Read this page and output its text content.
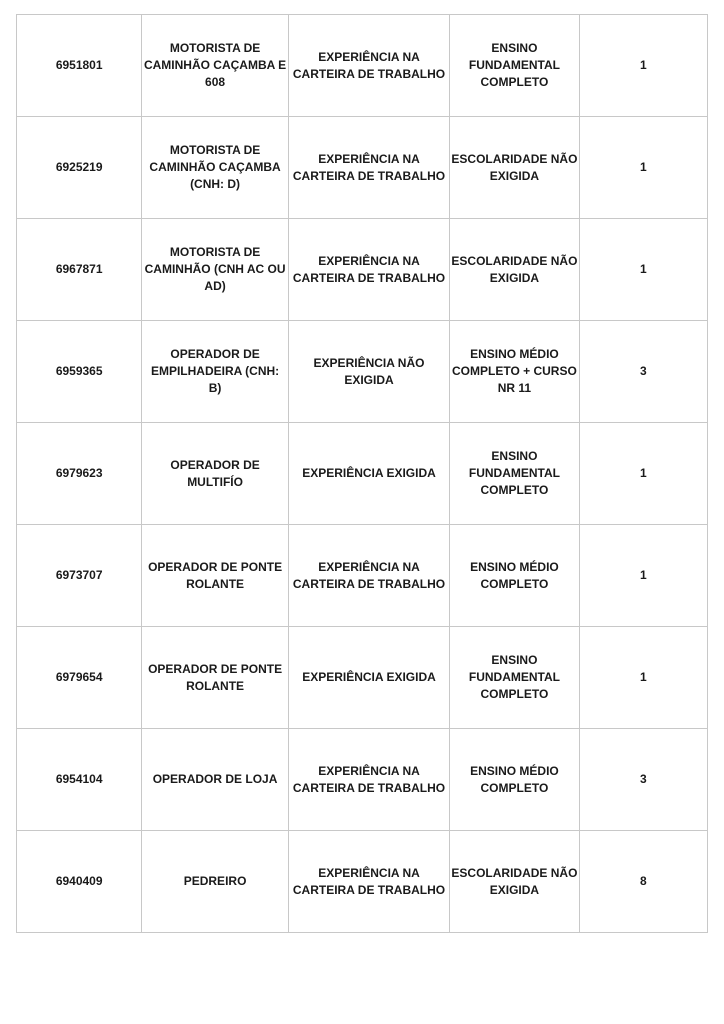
6951801	MOTORISTA DE CAMINHÃO CAÇAMBA E 608	EXPERIÊNCIA NA CARTEIRA DE TRABALHO	ENSINO FUNDAMENTAL COMPLETO	1
6925219	MOTORISTA DE CAMINHÃO CAÇAMBA (CNH: D)	EXPERIÊNCIA NA CARTEIRA DE TRABALHO	ESCOLARIDADE NÃO EXIGIDA	1
6967871	MOTORISTA DE CAMINHÃO (CNH AC OU AD)	EXPERIÊNCIA NA CARTEIRA DE TRABALHO	ESCOLARIDADE NÃO EXIGIDA	1
6959365	OPERADOR DE EMPILHADEIRA (CNH: B)	EXPERIÊNCIA NÃO EXIGIDA	ENSINO MÉDIO COMPLETO + CURSO NR 11	3
6979623	OPERADOR DE MULTIFÍO	EXPERIÊNCIA EXIGIDA	ENSINO FUNDAMENTAL COMPLETO	1
6973707	OPERADOR DE PONTE ROLANTE	EXPERIÊNCIA NA CARTEIRA DE TRABALHO	ENSINO MÉDIO COMPLETO	1
6979654	OPERADOR DE PONTE ROLANTE	EXPERIÊNCIA EXIGIDA	ENSINO FUNDAMENTAL COMPLETO	1
6954104	OPERADOR DE LOJA	EXPERIÊNCIA NA CARTEIRA DE TRABALHO	ENSINO MÉDIO COMPLETO	3
6940409	PEDREIRO	EXPERIÊNCIA NA CARTEIRA DE TRABALHO	ESCOLARIDADE NÃO EXIGIDA	8
